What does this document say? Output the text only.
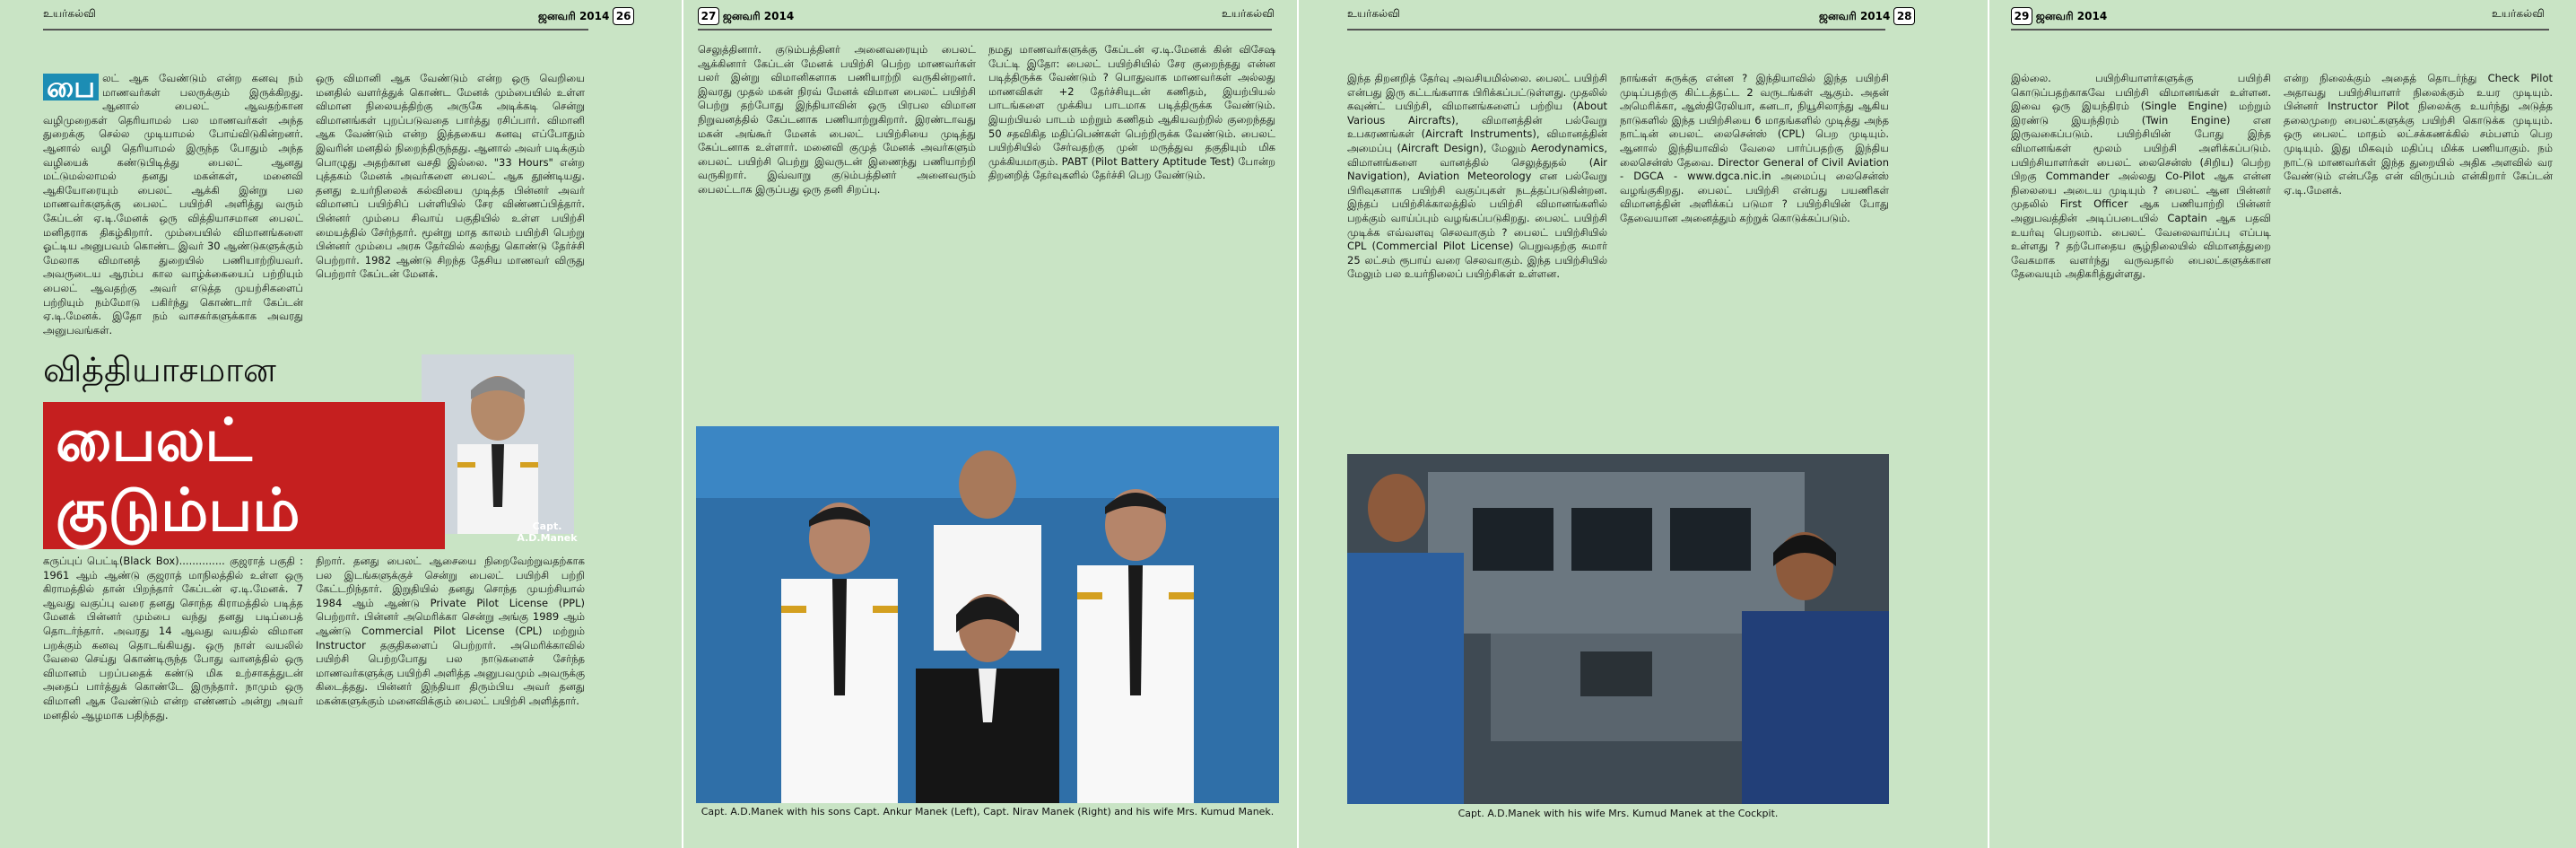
உயர்கல்வி	ஜனவரி 2014 26
பை லட் ஆக வேண்டும் என்ற கனவு நம் மாணவர்கள் பலருக்கும் இருக்கிறது. ஆனால் பைலட் ஆவதற்கான வழிமுறைகள் தெரியாமல் பல மாணவர்கள் அந்த துறைக்கு செல்ல முடியாமல் போய்விடுகின்றனர். ஆனால் வழி தெரியாமல் இருந்த போதும் அந்த வழியைக் கண்டுபிடித்து பைலட் ஆனது மட்டுமல்லாமல் தனது மகன்கள், மனைவி ஆகியோரையும் பைலட் ஆக்கி இன்று பல மாணவர்களுக்கு பைலட் பயிற்சி அளித்து வரும் கேப்டன் ஏ.டி.மேனக் ஒரு வித்தியாசமான பைலட் மனிதராக திகழ்கிறார். மும்பையில் விமானங்களை ஓட்டிய அனுபவம் கொண்ட இவர் 30 ஆண்டுகளுக்கும் மேலாக விமானத் துறையில் பணியாற்றியவர். அவருடைய ஆரம்ப கால வாழ்க்கையைப் பற்றியும் பைலட் ஆவதற்கு அவர் எடுத்த முயற்சிகளைப் பற்றியும் நம்மோடு பகிர்ந்து கொண்டார் கேப்டன் ஏ.டி.மேனக். இதோ நம் வாசகர்களுக்காக அவரது அனுபவங்கள்.
ஒரு விமானி ஆக வேண்டும் என்ற ஒரு வெறியை மனதில் வளர்த்துக் கொண்ட மேனக் மும்பையில் உள்ள விமான நிலையத்திற்கு அருகே அடிக்கடி சென்று விமானங்கள் புறப்படுவதை பார்த்து ரசிப்பார். விமானி ஆக வேண்டும் என்ற இத்தகைய கனவு எப்போதும் இவரின் மனதில் நிறைந்திருந்தது. ஆனால் அவர் படிக்கும் பொழுது அதற்கான வசதி இல்லை. "33 Hours" என்ற புத்தகம் மேனக் அவர்களை பைலட் ஆக தூண்டியது. தனது உயர்நிலைக் கல்வியை முடித்த பின்னர் அவர் விமானப் பயிற்சிப் பள்ளியில் சேர விண்ணப்பித்தார். பின்னர் மும்பை சிவாய் பகுதியில் உள்ள பயிற்சி மையத்தில் சேர்ந்தார். மூன்று மாத காலம் பயிற்சி பெற்று பின்னர் மும்பை அரசு தேர்வில் கலந்து கொண்டு தேர்ச்சி பெற்றார். 1982 ஆண்டு சிறந்த தேசிய மாணவர் விருது பெற்றார் கேப்டன் மேனக்.
Capt. A.D.Manek
வித்தியாசமான
பைலட் குடும்பம்
கருப்புப் பெட்டி(Black Box).............. குஜராத் பகுதி : 1961 ஆம் ஆண்டு குஜராத் மாநிலத்தில் உள்ள ஒரு கிராமத்தில் தான் பிறந்தார் கேப்டன் ஏ.டி.மேனக். 7 ஆவது வகுப்பு வரை தனது சொந்த கிராமத்தில் படித்த மேனக் பின்னர் மும்பை வந்து தனது படிப்பைத் தொடர்ந்தார். அவரது 14 ஆவது வயதில் விமான பறக்கும் கனவு தொடங்கியது. ஒரு நாள் வயலில் வேலை செய்து கொண்டிருந்த போது வானத்தில் ஒரு விமானம் பறப்பதைக் கண்டு மிக உற்சாகத்துடன் அதைப் பார்த்துக் கொண்டே இருந்தார். நாமும் ஒரு விமானி ஆக வேண்டும் என்ற எண்ணம் அன்று அவர் மனதில் ஆழமாக பதிந்தது.
நிறார். தனது பைலட் ஆசையை நிறைவேற்றுவதற்காக பல இடங்களுக்குச் சென்று பைலட் பயிற்சி பற்றி கேட்டறிந்தார். இறுதியில் தனது சொந்த முயற்சியால் 1984 ஆம் ஆண்டு Private Pilot License (PPL) பெற்றார். பின்னர் அமெரிக்கா சென்று அங்கு 1989 ஆம் ஆண்டு Commercial Pilot License (CPL) மற்றும் Instructor தகுதிகளைப் பெற்றார். அமெரிக்காவில் பயிற்சி பெற்றபோது பல நாடுகளைச் சேர்ந்த மாணவர்களுக்கு பயிற்சி அளித்த அனுபவமும் அவருக்கு கிடைத்தது. பின்னர் இந்தியா திரும்பிய அவர் தனது மகன்களுக்கும் மனைவிக்கும் பைலட் பயிற்சி அளித்தார்.
27 ஜனவரி 2014	உயர்கல்வி
செலுத்தினார். குடும்பத்தினர் அனைவரையும் பைலட் ஆக்கினார் கேப்டன் மேனக் பயிற்சி பெற்ற மாணவர்கள் பலர் இன்று விமானிகளாக பணியாற்றி வருகின்றனர். இவரது முதல் மகன் நிரவ் மேனக் விமான பைலட் பயிற்சி பெற்று தற்போது இந்தியாவின் ஒரு பிரபல விமான நிறுவனத்தில் கேப்டனாக பணியாற்றுகிறார். இரண்டாவது மகன் அங்கூர் மேனக் பைலட் பயிற்சியை முடித்து கேப்டனாக உள்ளார். மனைவி குமுத் மேனக் அவர்களும் பைலட் பயிற்சி பெற்று இவருடன் இணைந்து பணியாற்றி வருகிறார். இவ்வாறு குடும்பத்தினர் அனைவரும் பைலட்டாக இருப்பது ஒரு தனி சிறப்பு.
நமது மாணவர்களுக்கு கேப்டன் ஏ.டி.மேனக் கின் விசேஷ பேட்டி இதோ: பைலட் பயிற்சியில் சேர குறைந்தது என்ன படித்திருக்க வேண்டும் ? பொதுவாக மாணவர்கள் அல்லது மாணவிகள் +2 தேர்ச்சியுடன் கணிதம், இயற்பியல் பாடங்களை முக்கிய பாடமாக படித்திருக்க வேண்டும். இயற்பியல் பாடம் மற்றும் கணிதம் ஆகியவற்றில் குறைந்தது 50 சதவிகித மதிப்பெண்கள் பெற்றிருக்க வேண்டும். பைலட் பயிற்சியில் சேர்வதற்கு முன் மருத்துவ தகுதியும் மிக முக்கியமாகும். PABT (Pilot Battery Aptitude Test) போன்ற திறனறித் தேர்வுகளில் தேர்ச்சி பெற வேண்டும்.
Capt. A.D.Manek with his sons Capt. Ankur Manek (Left), Capt. Nirav Manek (Right) and his wife Mrs. Kumud Manek.
உயர்கல்வி	ஜனவரி 2014 28
இந்த திறனறித் தேர்வு அவசியமில்லை. பைலட் பயிற்சி என்பது இரு கட்டங்களாக பிரிக்கப்பட்டுள்ளது. முதலில் கவுண்ட் பயிற்சி, விமானங்களைப் பற்றிய (About Various Aircrafts), விமானத்தின் பல்வேறு உபகரணங்கள் (Aircraft Instruments), விமானத்தின் அமைப்பு (Aircraft Design), மேலும் Aerodynamics, விமானங்களை வானத்தில் செலுத்துதல் (Air Navigation), Aviation Meteorology என பல்வேறு பிரிவுகளாக பயிற்சி வகுப்புகள் நடத்தப்படுகின்றன. இந்தப் பயிற்சிக்காலத்தில் பயிற்சி விமானங்களில் பறக்கும் வாய்ப்பும் வழங்கப்படுகிறது. பைலட் பயிற்சி முடிக்க எவ்வளவு செலவாகும் ? பைலட் பயிற்சியில் CPL (Commercial Pilot License) பெறுவதற்கு சுமார் 25 லட்சம் ரூபாய் வரை செலவாகும். இந்த பயிற்சியில் மேலும் பல உயர்நிலைப் பயிற்சிகள் உள்ளன.
நாங்கள் சுருக்கு என்ன ? இந்தியாவில் இந்த பயிற்சி முடிப்பதற்கு கிட்டத்தட்ட 2 வருடங்கள் ஆகும். அதன் அமெரிக்கா, ஆஸ்திரேலியா, கனடா, நியூசிலாந்து ஆகிய நாடுகளில் இந்த பயிற்சியை 6 மாதங்களில் முடித்து அந்த நாட்டின் பைலட் லைசென்ஸ் (CPL) பெற முடியும். ஆனால் இந்தியாவில் வேலை பார்ப்பதற்கு இந்திய லைசென்ஸ் தேவை. Director General of Civil Aviation - DGCA - www.dgca.nic.in அமைப்பு லைசென்ஸ் வழங்குகிறது. பைலட் பயிற்சி என்பது பயணிகள் விமானத்தின் அளிக்கப் படுமா ? பயிற்சியின் போது தேவையான அனைத்தும் கற்றுக் கொடுக்கப்படும்.
Capt. A.D.Manek with his wife Mrs. Kumud Manek at the Cockpit.
29 ஜனவரி 2014	உயர்கல்வி
இல்லை. பயிற்சியாளர்களுக்கு பயிற்சி கொடுப்பதற்காகவே பயிற்சி விமானங்கள் உள்ளன. இவை ஒரு இயந்திரம் (Single Engine) மற்றும் இரண்டு இயந்திரம் (Twin Engine) என இருவகைப்படும். பயிற்சியின் போது இந்த விமானங்கள் மூலம் பயிற்சி அளிக்கப்படும். பயிற்சியாளர்கள் பைலட் லைசென்ஸ் (சிறிய) பெற்ற பிறகு Commander அல்லது Co-Pilot ஆக என்ன நிலையை அடைய முடியும் ? பைலட் ஆன பின்னர் முதலில் First Officer ஆக பணியாற்றி பின்னர் அனுபவத்தின் அடிப்படையில் Captain ஆக பதவி உயர்வு பெறலாம். பைலட் வேலைவாய்ப்பு எப்படி உள்ளது ? தற்போதைய சூழ்நிலையில் விமானத்துறை வேகமாக வளர்ந்து வருவதால் பைலட்களுக்கான தேவையும் அதிகரித்துள்ளது.
என்ற நிலைக்கும் அதைத் தொடர்ந்து Check Pilot அதாவது பயிற்சியாளர் நிலைக்கும் உயர முடியும். பின்னர் Instructor Pilot நிலைக்கு உயர்ந்து அடுத்த தலைமுறை பைலட்களுக்கு பயிற்சி கொடுக்க முடியும். ஒரு பைலட் மாதம் லட்சக்கணக்கில் சம்பளம் பெற முடியும். இது மிகவும் மதிப்பு மிக்க பணியாகும். நம் நாட்டு மாணவர்கள் இந்த துறையில் அதிக அளவில் வர வேண்டும் என்பதே என் விருப்பம் என்கிறார் கேப்டன் ஏ.டி.மேனக்.
